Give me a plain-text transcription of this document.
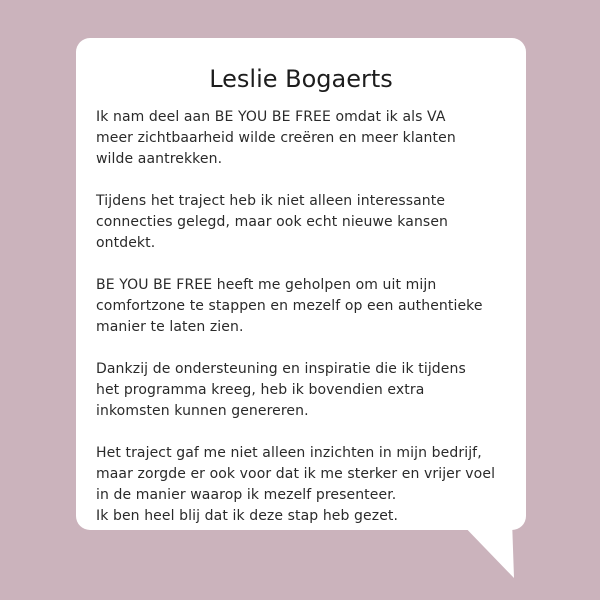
Leslie Bogaerts
Ik nam deel aan BE YOU BE FREE omdat ik als VA
meer zichtbaarheid wilde creëren en meer klanten
wilde aantrekken.
Tijdens het traject heb ik niet alleen interessante
connecties gelegd, maar ook echt nieuwe kansen
ontdekt.
BE YOU BE FREE heeft me geholpen om uit mijn
comfortzone te stappen en mezelf op een authentieke
manier te laten zien.
Dankzij de ondersteuning en inspiratie die ik tijdens
het programma kreeg, heb ik bovendien extra
inkomsten kunnen genereren.
Het traject gaf me niet alleen inzichten in mijn bedrijf,
maar zorgde er ook voor dat ik me sterker en vrijer voel
in de manier waarop ik mezelf presenteer.
Ik ben heel blij dat ik deze stap heb gezet.
